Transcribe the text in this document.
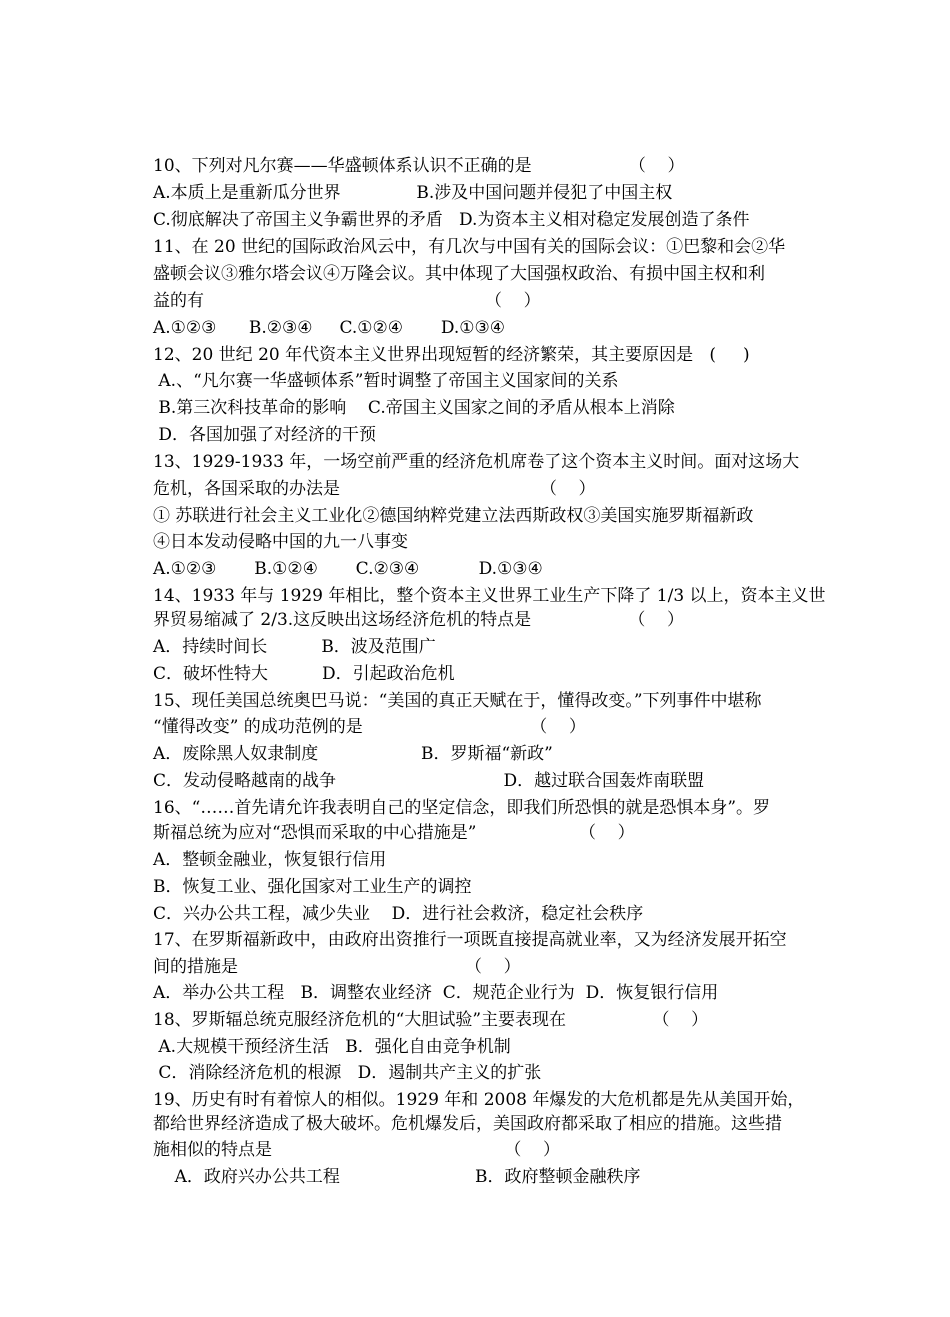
10、下列对凡尔赛——华盛顿体系认识不正确的是                  （    ）
A.本质上是重新瓜分世界              B.涉及中国问题并侵犯了中国主权
C.彻底解决了帝国主义争霸世界的矛盾   D.为资本主义相对稳定发展创造了条件
11、在 20 世纪的国际政治风云中，有几次与中国有关的国际会议：①巴黎和会②华
盛顿会议③雅尔塔会议④万隆会议。其中体现了大国强权政治、有损中国主权和利
益的有                                                    （    ）
A.①②③      B.②③④     C.①②④       D.①③④
12、20 世纪 20 年代资本主义世界出现短暂的经济繁荣，其主要原因是   (     )
A.、“凡尔赛一华盛顿体系”暂时调整了帝国主义国家间的关系
B.第三次科技革命的影响    C.帝国主义国家之间的矛盾从根本上消除
D．各国加强了对经济的干预
13、1929-1933 年，一场空前严重的经济危机席卷了这个资本主义时间。面对这场大
危机，各国采取的办法是                                     （    ）
① 苏联进行社会主义工业化②德国纳粹党建立法西斯政权③美国实施罗斯福新政
④日本发动侵略中国的九一八事变
A.①②③       B.①②④       C.②③④           D.①③④
14、1933 年与 1929 年相比，整个资本主义世界工业生产下降了 1/3 以上，资本主义世
界贸易缩减了 2/3.这反映出这场经济危机的特点是                  （    ）
A．持续时间长          B．波及范围广
C．破坏性特大          D．引起政治危机
15、现任美国总统奥巴马说：“美国的真正天赋在于，懂得改变。”下列事件中堪称
“懂得改变” 的成功范例的是                               （    ）
A．废除黑人奴隶制度                   B．罗斯福“新政”
C．发动侵略越南的战争                               D．越过联合国轰炸南联盟
16、“……首先请允许我表明自己的坚定信念，即我们所恐惧的就是恐惧本身”。罗
斯福总统为应对“恐惧而采取的中心措施是”                   （    ）
A．整顿金融业，恢复银行信用
B．恢复工业、强化国家对工业生产的调控
C．兴办公共工程，减少失业    D．进行社会救济，稳定社会秩序
17、在罗斯福新政中，由政府出资推行一项既直接提高就业率，又为经济发展开拓空
间的措施是                                          （    ）
A．举办公共工程   B．调整农业经济  C．规范企业行为  D．恢复银行信用
18、罗斯辐总统克服经济危机的“大胆试验”主要表现在                （    ）
A.大规模干预经济生活   B．强化自由竞争机制
C．消除经济危机的根源   D．遏制共产主义的扩张
19、历史有时有着惊人的相似。1929 年和 2008 年爆发的大危机都是先从美国开始，
都给世界经济造成了极大破坏。危机爆发后，美国政府都采取了相应的措施。这些措
施相似的特点是                                           （    ）
A．政府兴办公共工程                         B．政府整顿金融秩序
